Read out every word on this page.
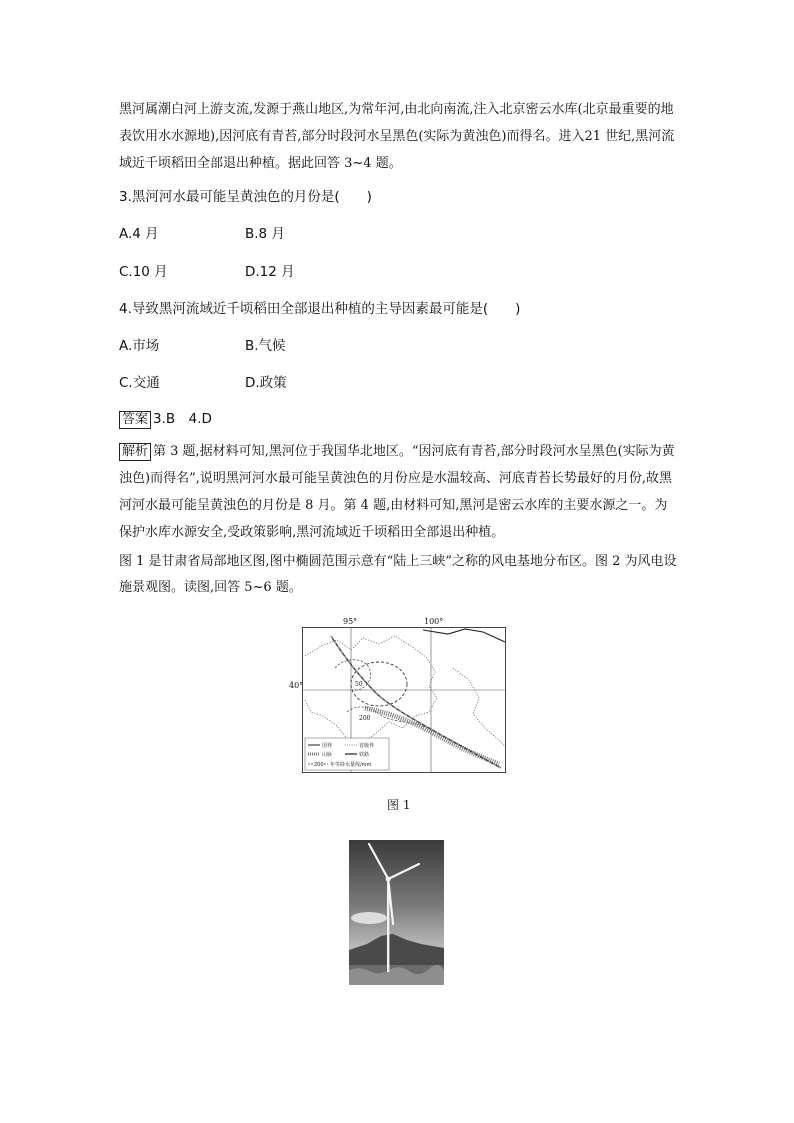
黑河属潮白河上游支流,发源于燕山地区,为常年河,由北向南流,注入北京密云水库(北京最重要的地表饮用水水源地),因河底有青苔,部分时段河水呈黑色(实际为黄浊色)而得名。进入21 世纪,黑河流域近千顷稻田全部退出种植。据此回答 3~4 题。
3.黑河河水最可能呈黄浊色的月份是(　　)
A.4 月	B.8 月
C.10 月	D.12 月
4.导致黑河流域近千顷稻田全部退出种植的主导因素最可能是(　　)
A.市场	B.气候
C.交通	D.政策
答案 3.B　4.D
解析 第 3 题,据材料可知,黑河位于我国华北地区。“因河底有青苔,部分时段河水呈黑色(实际为黄浊色)而得名”,说明黑河河水最可能呈黄浊色的月份应是水温较高、河底青苔长势最好的月份,故黑河河水最可能呈黄浊色的月份是 8 月。第 4 题,由材料可知,黑河是密云水库的主要水源之一。为保护水库水源安全,受政策影响,黑河流域近千顷稻田全部退出种植。
图 1 是甘肃省局部地区图,图中椭圆范围示意有“陆上三峡”之称的风电基地分布区。图 2 为风电设施景观图。读图,回答 5~6 题。
50
200
国界	省级界
山脉	铁路
200 年等降水量线/mm
40°
95°	100°
图 1
